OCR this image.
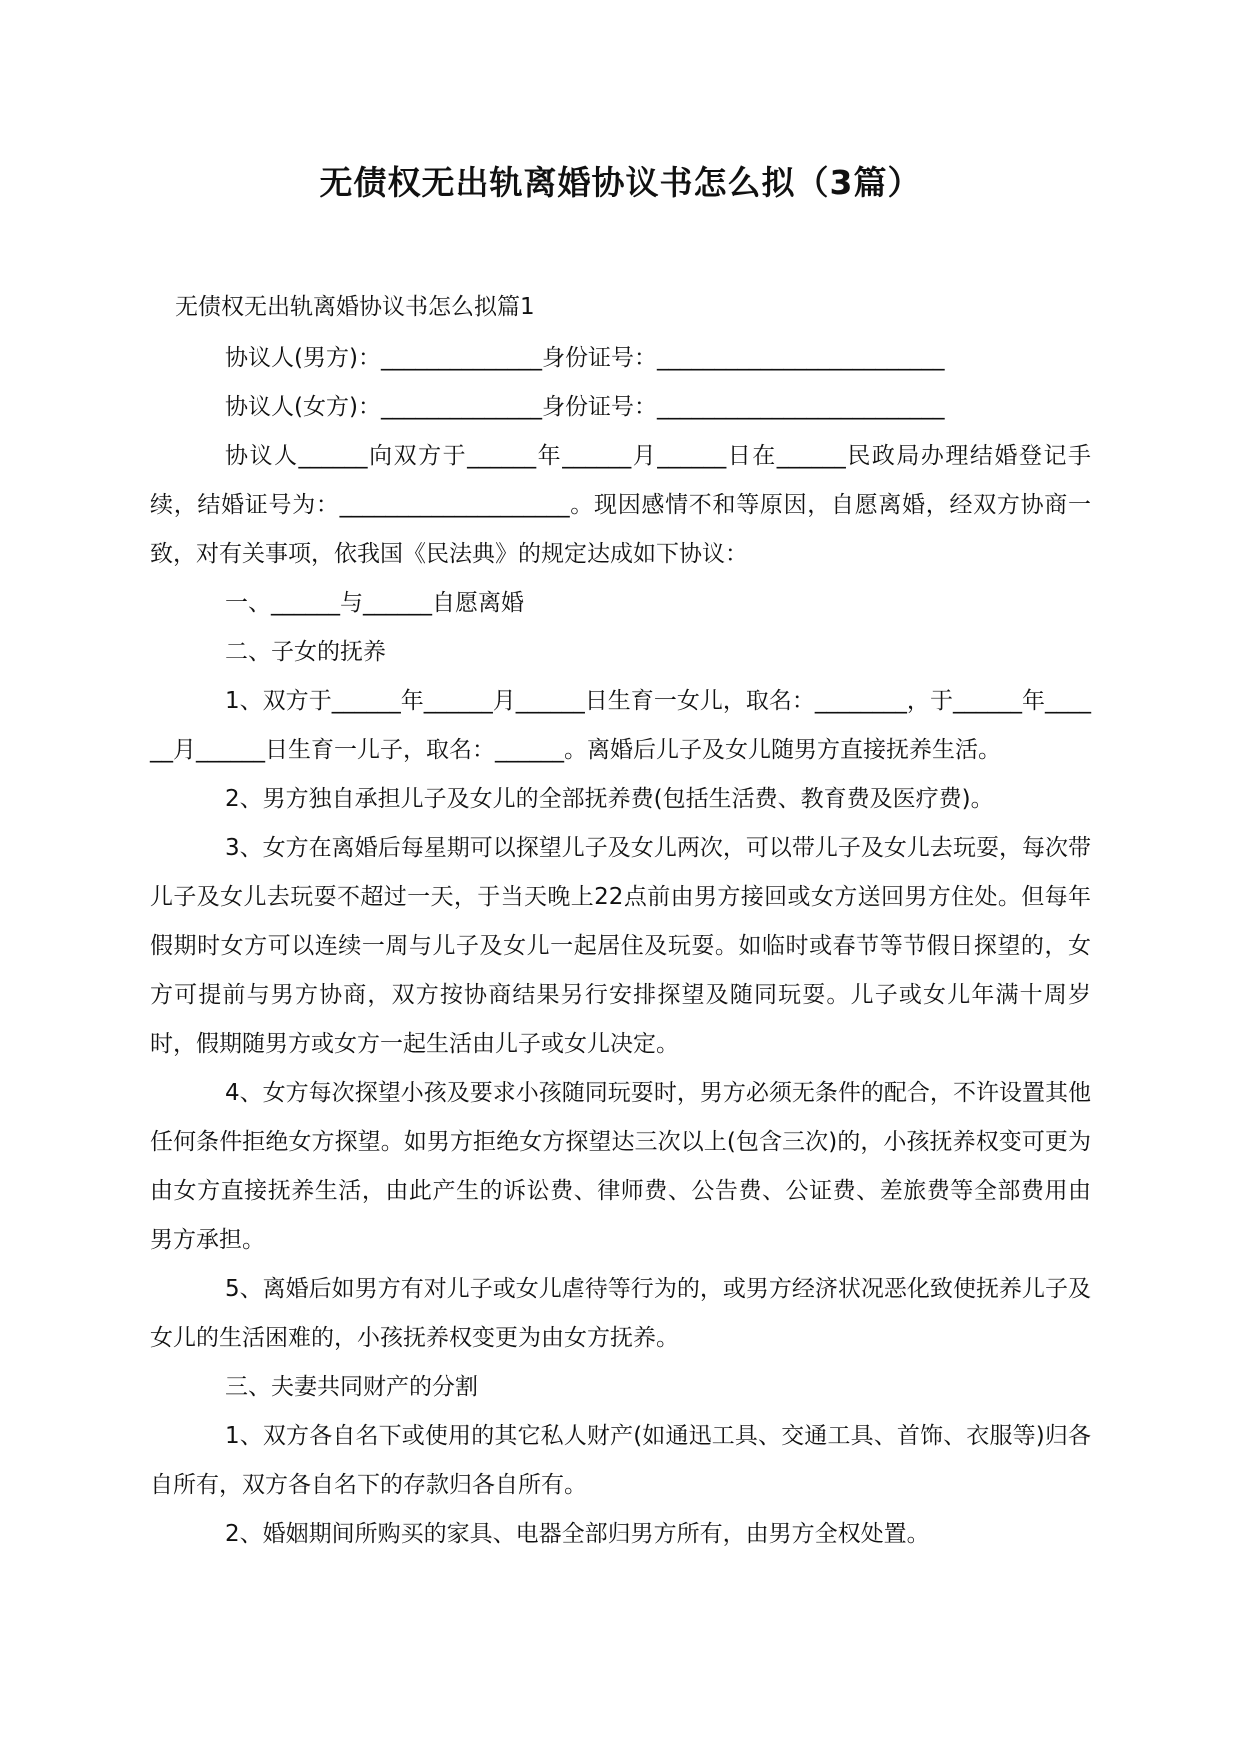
无债权无出轨离婚协议书怎么拟（3篇）
无债权无出轨离婚协议书怎么拟篇1

协议人(男方)：______________身份证号：_________________________

协议人(女方)：______________身份证号：_________________________

协议人______向双方于______年______月______日在______民政局办理结婚登记手续，结婚证号为：____________________。现因感情不和等原因，自愿离婚，经双方协商一致，对有关事项，依我国《民法典》的规定达成如下协议：

一、______与______自愿离婚

二、子女的抚养

1、双方于______年______月______日生育一女儿，取名：________，于______年______月______日生育一儿子，取名：______。离婚后儿子及女儿随男方直接抚养生活。

2、男方独自承担儿子及女儿的全部抚养费(包括生活费、教育费及医疗费)。

3、女方在离婚后每星期可以探望儿子及女儿两次，可以带儿子及女儿去玩耍，每次带儿子及女儿去玩耍不超过一天，于当天晚上22点前由男方接回或女方送回男方住处。但每年假期时女方可以连续一周与儿子及女儿一起居住及玩耍。如临时或春节等节假日探望的，女方可提前与男方协商，双方按协商结果另行安排探望及随同玩耍。儿子或女儿年满十周岁时，假期随男方或女方一起生活由儿子或女儿决定。

4、女方每次探望小孩及要求小孩随同玩耍时，男方必须无条件的配合，不许设置其他任何条件拒绝女方探望。如男方拒绝女方探望达三次以上(包含三次)的，小孩抚养权变可更为由女方直接抚养生活，由此产生的诉讼费、律师费、公告费、公证费、差旅费等全部费用由男方承担。

5、离婚后如男方有对儿子或女儿虐待等行为的，或男方经济状况恶化致使抚养儿子及女儿的生活困难的，小孩抚养权变更为由女方抚养。

三、夫妻共同财产的分割

1、双方各自名下或使用的其它私人财产(如通迅工具、交通工具、首饰、衣服等)归各自所有，双方各自名下的存款归各自所有。

2、婚姻期间所购买的家具、电器全部归男方所有，由男方全权处置。
